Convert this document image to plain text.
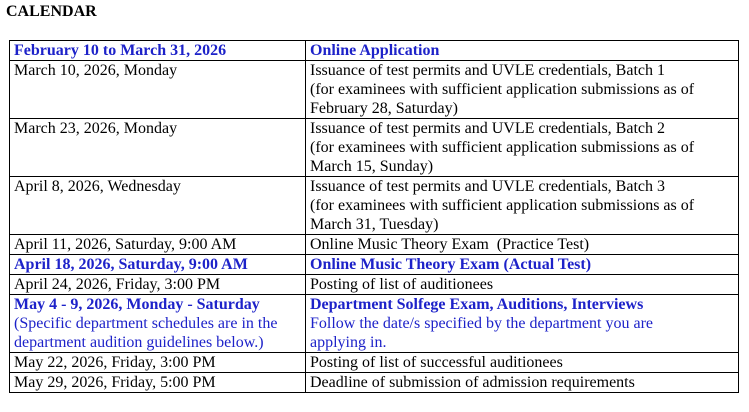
CALENDAR
February 10 to March 31, 2026	Online Application

March 10, 2026, Monday	Issuance of test permits and UVLE credentials, Batch 1
(for examinees with sufficient application submissions as of
February 28, Saturday)

March 23, 2026, Monday	Issuance of test permits and UVLE credentials, Batch 2
(for examinees with sufficient application submissions as of
March 15, Sunday)

April 8, 2026, Wednesday	Issuance of test permits and UVLE credentials, Batch 3
(for examinees with sufficient application submissions as of
March 31, Tuesday)

April 11, 2026, Saturday, 9:00 AM	Online Music Theory Exam  (Practice Test)

April 18, 2026, Saturday, 9:00 AM	Online Music Theory Exam (Actual Test)

April 24, 2026, Friday, 3:00 PM	Posting of list of auditionees

May 4 - 9, 2026, Monday - Saturday
(Specific department schedules are in the
department audition guidelines below.)	Department Solfege Exam, Auditions, Interviews
Follow the date/s specified by the department you are
applying in.

May 22, 2026, Friday, 3:00 PM	Posting of list of successful auditionees

May 29, 2026, Friday, 5:00 PM	Deadline of submission of admission requirements
